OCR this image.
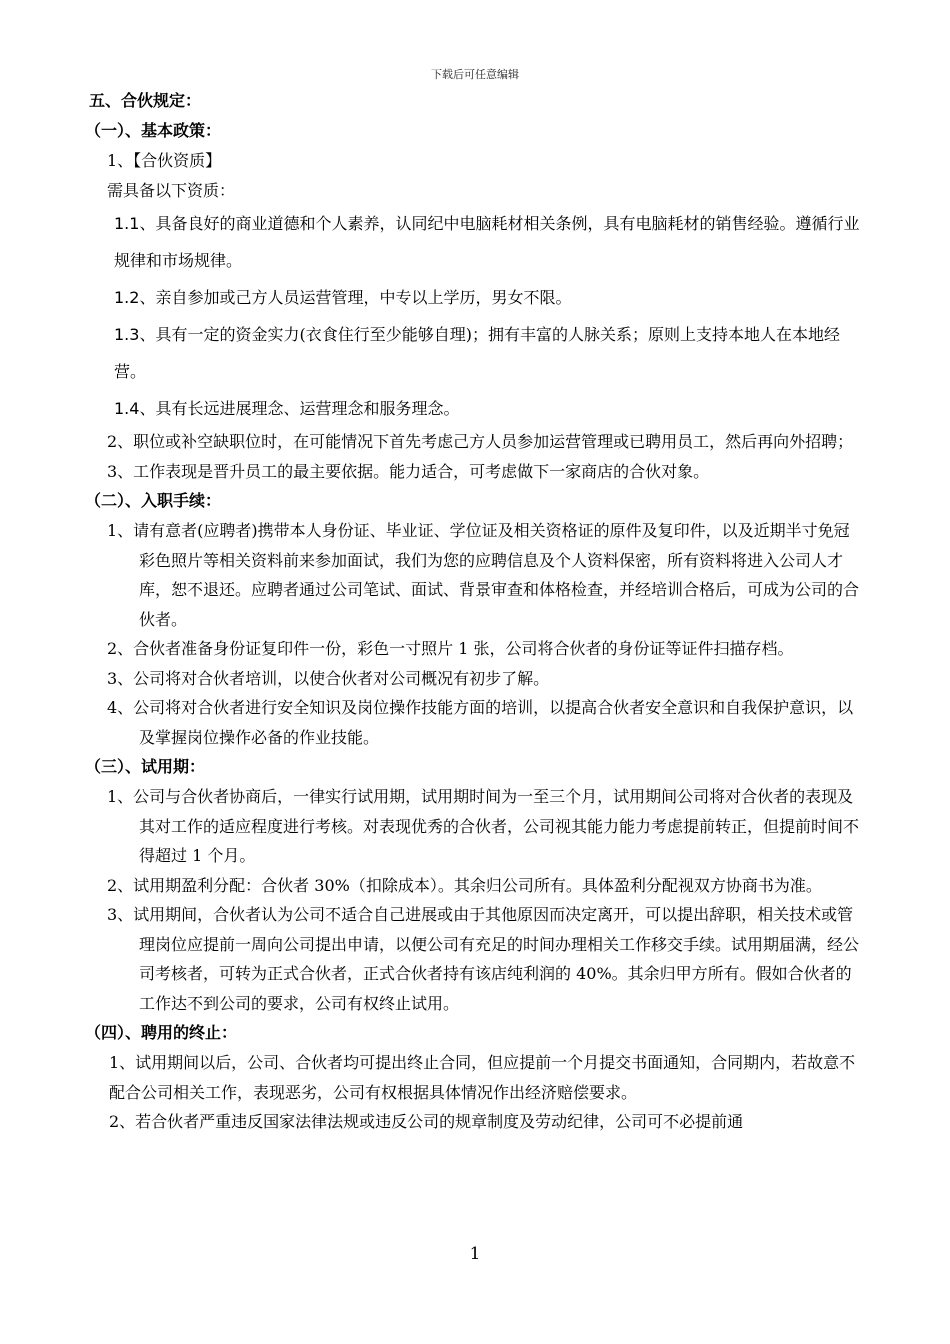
下载后可任意编辑
五、合伙规定：
（一）、基本政策：

1、【合伙资质】

需具备以下资质：

1.1、具备良好的商业道德和个人素养，认同纪中电脑耗材相关条例，具有电脑耗材的销售经验。遵循行业规律和市场规律。

1.2、亲自参加或己方人员运营管理，中专以上学历，男女不限。

1.3、具有一定的资金实力(衣食住行至少能够自理)；拥有丰富的人脉关系；原则上支持本地人在本地经营。

1.4、具有长远进展理念、运营理念和服务理念。

2、职位或补空缺职位时，在可能情况下首先考虑己方人员参加运营管理或已聘用员工，然后再向外招聘；

3、工作表现是晋升员工的最主要依据。能力适合，可考虑做下一家商店的合伙对象。

（二）、入职手续：

1、请有意者(应聘者)携带本人身份证、毕业证、学位证及相关资格证的原件及复印件，以及近期半寸免冠彩色照片等相关资料前来参加面试，我们为您的应聘信息及个人资料保密，所有资料将进入公司人才库，恕不退还。应聘者通过公司笔试、面试、背景审查和体格检查，并经培训合格后，可成为公司的合伙者。

2、合伙者准备身份证复印件一份，彩色一寸照片 1 张，公司将合伙者的身份证等证件扫描存档。

3、公司将对合伙者培训，以使合伙者对公司概况有初步了解。

4、公司将对合伙者进行安全知识及岗位操作技能方面的培训，以提高合伙者安全意识和自我保护意识，以及掌握岗位操作必备的作业技能。

（三）、试用期：

1、公司与合伙者协商后，一律实行试用期，试用期时间为一至三个月，试用期间公司将对合伙者的表现及其对工作的适应程度进行考核。对表现优秀的合伙者，公司视其能力能力考虑提前转正，但提前时间不得超过 1 个月。

2、试用期盈利分配：合伙者 30%（扣除成本）。其余归公司所有。具体盈利分配视双方协商书为准。

3、试用期间，合伙者认为公司不适合自己进展或由于其他原因而决定离开，可以提出辞职，相关技术或管理岗位应提前一周向公司提出申请，以便公司有充足的时间办理相关工作移交手续。试用期届满，经公司考核者，可转为正式合伙者，正式合伙者持有该店纯利润的 40%。其余归甲方所有。假如合伙者的工作达不到公司的要求，公司有权终止试用。

（四）、聘用的终止：

1、试用期间以后，公司、合伙者均可提出终止合同，但应提前一个月提交书面通知，合同期内，若故意不配合公司相关工作，表现恶劣，公司有权根据具体情况作出经济赔偿要求。

2、若合伙者严重违反国家法律法规或违反公司的规章制度及劳动纪律，公司可不必提前通

1
